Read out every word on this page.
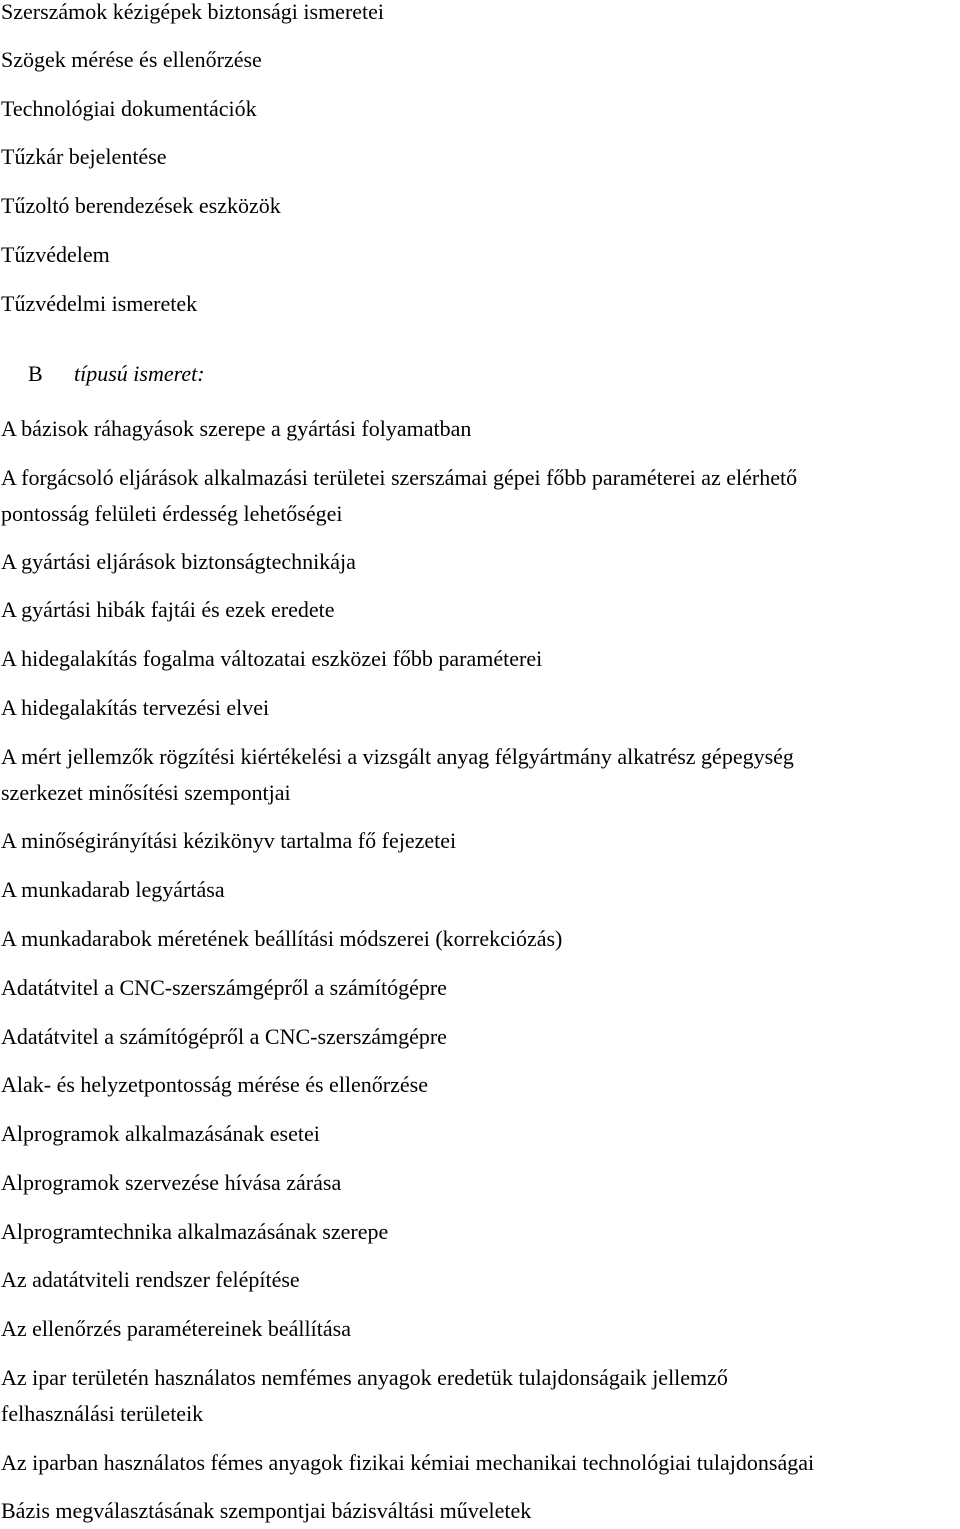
Szerszámok kézigépek biztonsági ismeretei

Szögek mérése és ellenőrzése

Technológiai dokumentációk

Tűzkár bejelentése

Tűzoltó berendezések eszközök

Tűzvédelem

Tűzvédelmi ismeretek

B típusú ismeret:

A bázisok ráhagyások szerepe a gyártási folyamatban

A forgácsoló eljárások alkalmazási területei szerszámai gépei főbb paraméterei az elérhető

pontosság felületi érdesség lehetőségei

A gyártási eljárások biztonságtechnikája

A gyártási hibák fajtái és ezek eredete

A hidegalakítás fogalma változatai eszközei főbb paraméterei

A hidegalakítás tervezési elvei

A mért jellemzők rögzítési kiértékelési a vizsgált anyag félgyártmány alkatrész gépegység

szerkezet minősítési szempontjai

A minőségirányítási kézikönyv tartalma fő fejezetei

A munkadarab legyártása

A munkadarabok méretének beállítási módszerei (korrekciózás)

Adatátvitel a CNC-szerszámgépről a számítógépre

Adatátvitel a számítógépről a CNC-szerszámgépre

Alak- és helyzetpontosság mérése és ellenőrzése

Alprogramok alkalmazásának esetei

Alprogramok szervezése hívása zárása

Alprogramtechnika alkalmazásának szerepe

Az adatátviteli rendszer felépítése

Az ellenőrzés paramétereinek beállítása

Az ipar területén használatos nemfémes anyagok eredetük tulajdonságaik jellemző

felhasználási területeik

Az iparban használatos fémes anyagok fizikai kémiai mechanikai technológiai tulajdonságai

Bázis megválasztásának szempontjai bázisváltási műveletek
